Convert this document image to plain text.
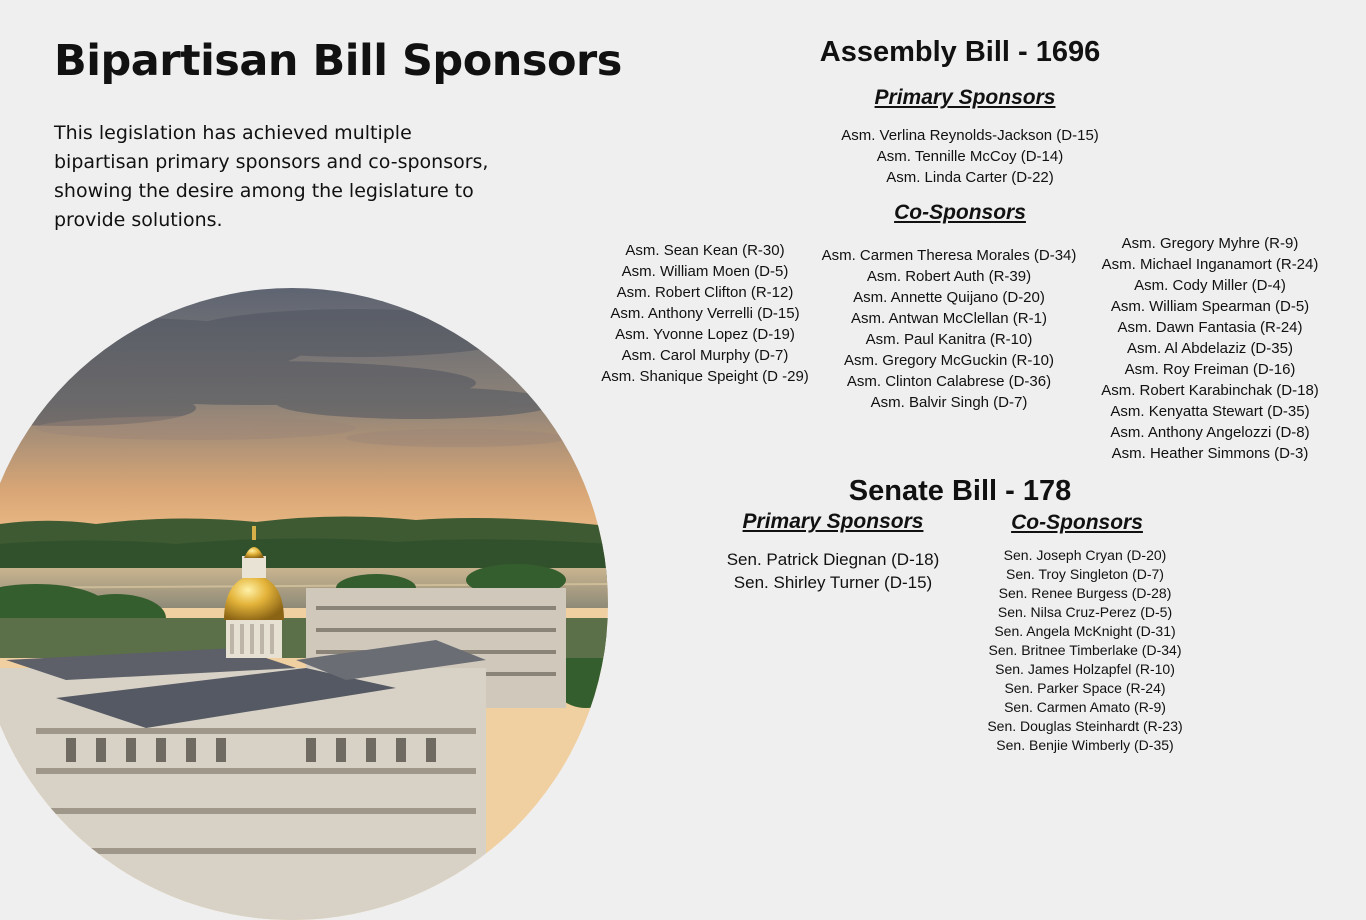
Bipartisan Bill Sponsors

This legislation has achieved multiple bipartisan primary sponsors and co-sponsors, showing the desire among the legislature to provide solutions.

Assembly Bill - 1696
Primary Sponsors
Asm. Verlina Reynolds-Jackson (D-15)
Asm. Tennille McCoy (D-14)
Asm. Linda Carter (D-22)
Co-Sponsors
Asm. Sean Kean (R-30)
Asm. William Moen (D-5)
Asm. Robert Clifton (R-12)
Asm. Anthony Verrelli (D-15)
Asm. Yvonne Lopez (D-19)
Asm. Carol Murphy (D-7)
Asm. Shanique Speight (D -29)
Asm. Carmen Theresa Morales (D-34)
Asm. Robert Auth (R-39)
Asm. Annette Quijano (D-20)
Asm. Antwan McClellan (R-1)
Asm. Paul Kanitra (R-10)
Asm. Gregory McGuckin (R-10)
Asm. Clinton Calabrese (D-36)
Asm. Balvir Singh (D-7)
Asm. Gregory Myhre (R-9)
Asm. Michael Inganamort (R-24)
Asm. Cody Miller (D-4)
Asm. William Spearman (D-5)
Asm. Dawn Fantasia (R-24)
Asm. Al Abdelaziz (D-35)
Asm. Roy Freiman (D-16)
Asm. Robert Karabinchak (D-18)
Asm. Kenyatta Stewart (D-35)
Asm. Anthony Angelozzi (D-8)
Asm. Heather Simmons (D-3)
Senate Bill - 178
Primary Sponsors
Sen. Patrick Diegnan (D-18)
Sen. Shirley Turner (D-15)
Co-Sponsors
Sen. Joseph Cryan (D-20)
Sen. Troy Singleton (D-7)
Sen. Renee Burgess (D-28)
Sen. Nilsa Cruz-Perez (D-5)
Sen. Angela McKnight (D-31)
Sen. Britnee Timberlake (D-34)
Sen. James Holzapfel (R-10)
Sen. Parker Space (R-24)
Sen. Carmen Amato (R-9)
Sen. Douglas Steinhardt (R-23)
Sen. Benjie Wimberly (D-35)
